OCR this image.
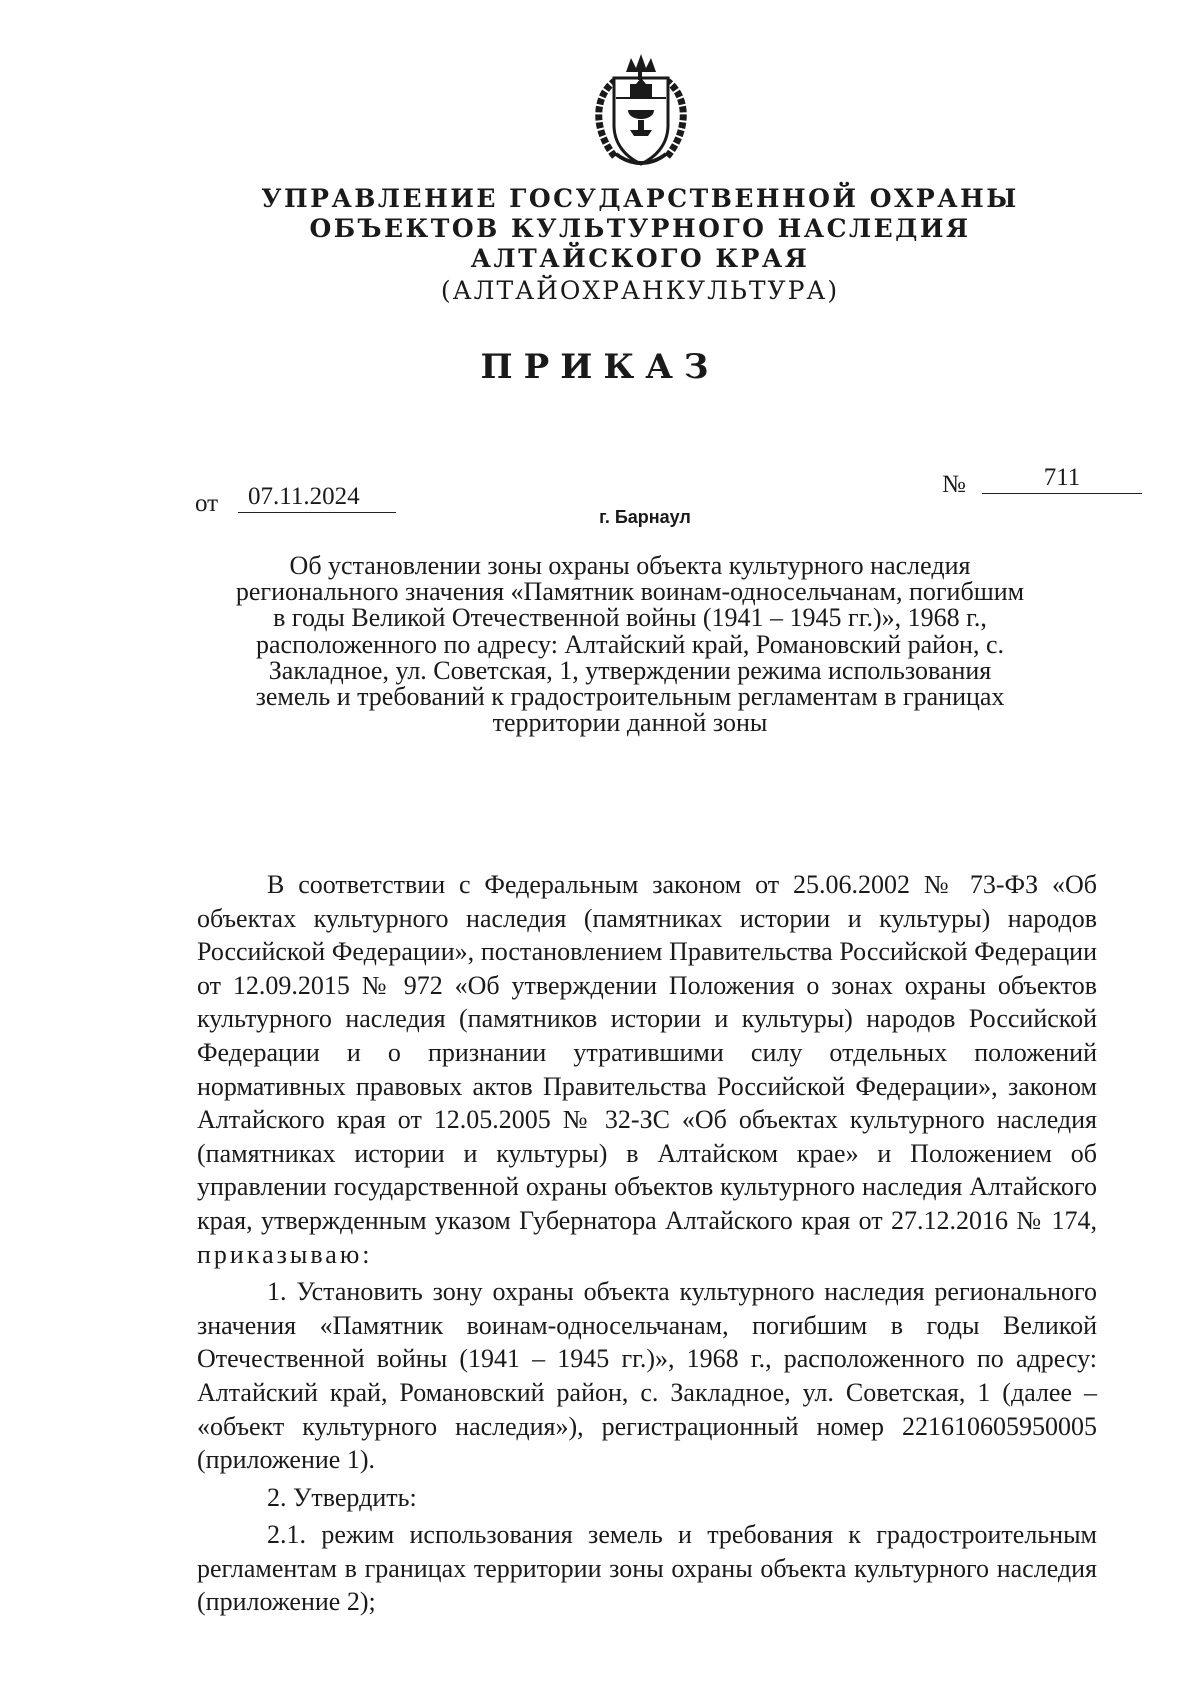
УПРАВЛЕНИЕ ГОСУДАРСТВЕННОЙ ОХРАНЫ
ОБЪЕКТОВ КУЛЬТУРНОГО НАСЛЕДИЯ
АЛТАЙСКОГО КРАЯ
(АЛТАЙОХРАНКУЛЬТУРА)
ПРИКАЗ
от	07.11.2024	№	711
г. Барнаул
Об установлении зоны охраны объекта культурного наследия регионального значения «Памятник воинам-односельчанам, погибшим в годы Великой Отечественной войны (1941 – 1945 гг.)», 1968 г., расположенного по адресу: Алтайский край, Романовский район, с. Закладное, ул. Советская, 1, утверждении режима использования земель и требований к градостроительным регламентам в границах территории данной зоны

В соответствии с Федеральным законом от 25.06.2002 № 73-ФЗ «Об объектах культурного наследия (памятниках истории и культуры) народов Российской Федерации», постановлением Правительства Российской Федерации от 12.09.2015 № 972 «Об утверждении Положения о зонах охраны объектов культурного наследия (памятников истории и культуры) народов Российской Федерации и о признании утратившими силу отдельных положений нормативных правовых актов Правительства Российской Федерации», законом Алтайского края от 12.05.2005 № 32-ЗС «Об объектах культурного наследия (памятниках истории и культуры) в Алтайском крае» и Положением об управлении государственной охраны объектов культурного наследия Алтайского края, утвержденным указом Губернатора Алтайского края от 27.12.2016 № 174, приказываю:

1. Установить зону охраны объекта культурного наследия регионального значения «Памятник воинам-односельчанам, погибшим в годы Великой Отечественной войны (1941 – 1945 гг.)», 1968 г., расположенного по адресу: Алтайский край, Романовский район, с. Закладное, ул. Советская, 1 (далее – «объект культурного наследия»), регистрационный номер 221610605950005 (приложение 1).

2. Утвердить:

2.1. режим использования земель и требования к градостроительным регламентам в границах территории зоны охраны объекта культурного наследия (приложение 2);
